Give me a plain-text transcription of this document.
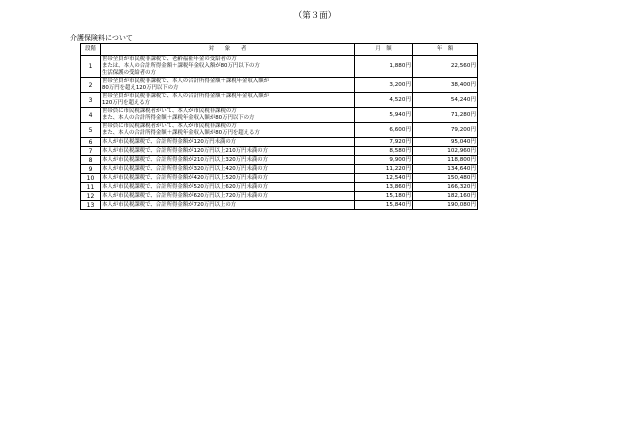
（第３面）
介護保険料について
段階	対　　象　　者	月　額	年　額
1	世帯全員が市民税非課税で、老齢福祉年金の受給者の方
または、本人の合計所得金額＋課税年金収入額が80万円以下の方
生活保護の受給者の方	1,880円	22,560円
2	世帯全員が市民税非課税で、本人の合計所得金額＋課税年金収入額が
80万円を超え120万円以下の方	3,200円	38,400円
3	世帯全員が市民税非課税で、本人の合計所得金額＋課税年金収入額が
120万円を超える方	4,520円	54,240円
4	世帯員に市民税課税者がいて、本人が市民税非課税の方
また、本人の合計所得金額＋課税年金収入額が80万円以下の方	5,940円	71,280円
5	世帯員に市民税課税者がいて、本人が市民税非課税の方
また、本人の合計所得金額＋課税年金収入額が80万円を超える方	6,600円	79,200円
6	本人が市民税課税で、合計所得金額が120万円未満の方	7,920円	95,040円
7	本人が市民税課税で、合計所得金額が120万円以上210万円未満の方	8,580円	102,960円
8	本人が市民税課税で、合計所得金額が210万円以上320万円未満の方	9,900円	118,800円
9	本人が市民税課税で、合計所得金額が320万円以上420万円未満の方	11,220円	134,640円
10	本人が市民税課税で、合計所得金額が420万円以上520万円未満の方	12,540円	150,480円
11	本人が市民税課税で、合計所得金額が520万円以上620万円未満の方	13,860円	166,320円
12	本人が市民税課税で、合計所得金額が620万円以上720万円未満の方	15,180円	182,160円
13	本人が市民税課税で、合計所得金額が720万円以上の方	15,840円	190,080円
